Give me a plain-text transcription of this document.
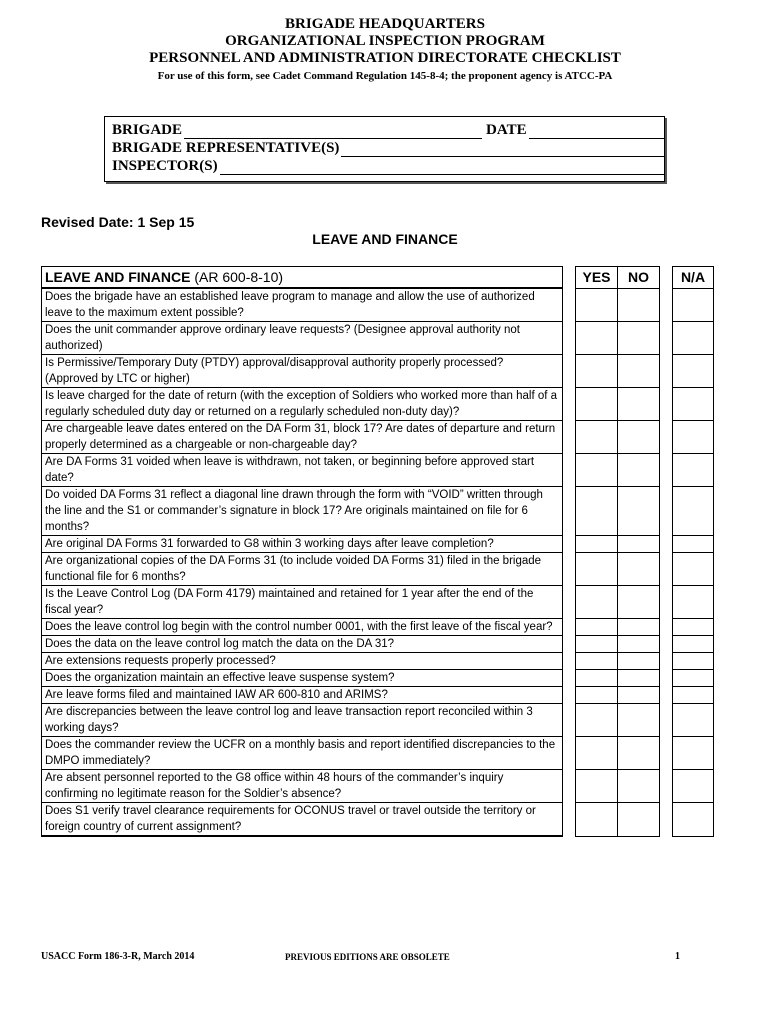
BRIGADE HEADQUARTERS
ORGANIZATIONAL INSPECTION PROGRAM
PERSONNEL AND ADMINISTRATION DIRECTORATE CHECKLIST
For use of this form, see Cadet Command Regulation 145-8-4; the proponent agency is ATCC-PA
BRIGADE	DATE
BRIGADE REPRESENTATIVE(S)
INSPECTOR(S)
Revised Date: 1 Sep 15
LEAVE AND FINANCE
LEAVE AND FINANCE (AR 600-8-10)		YES	NO		N/A
Does the brigade have an established leave program to manage and allow the use of authorized leave to the maximum extent possible?					
Does the unit commander approve ordinary leave requests? (Designee approval authority not authorized)					
Is Permissive/Temporary Duty (PTDY) approval/disapproval authority properly processed? (Approved by LTC or higher)					
Is leave charged for the date of return (with the exception of Soldiers who worked more than half of a regularly scheduled duty day or returned on a regularly scheduled non-duty day)?					
Are chargeable leave dates entered on the DA Form 31, block 17? Are dates of departure and return properly determined as a chargeable or non-chargeable day?					
Are DA Forms 31 voided when leave is withdrawn, not taken, or beginning before approved start date?					
Do voided DA Forms 31 reflect a diagonal line drawn through the form with “VOID” written through the line and the S1 or commander’s signature in block 17? Are originals maintained on file for 6 months?					
Are original DA Forms 31 forwarded to G8 within 3 working days after leave completion?					
Are organizational copies of the DA Forms 31 (to include voided DA Forms 31) filed in the brigade functional file for 6 months?					
Is the Leave Control Log (DA Form 4179) maintained and retained for 1 year after the end of the fiscal year?					
Does the leave control log begin with the control number 0001, with the first leave of the fiscal year?					
Does the data on the leave control log match the data on the DA 31?					
Are extensions requests properly processed?					
Does the organization maintain an effective leave suspense system?					
Are leave forms filed and maintained IAW AR 600-810 and ARIMS?					
Are discrepancies between the leave control log and leave transaction report reconciled within 3 working days?					
Does the commander review the UCFR on a monthly basis and report identified discrepancies to the DMPO immediately?					
Are absent personnel reported to the G8 office within 48 hours of the commander’s inquiry confirming no legitimate reason for the Soldier’s absence?					
Does S1 verify travel clearance requirements for OCONUS travel or travel outside the territory or foreign country of current assignment?					
USACC Form 186-3-R, March 2014	PREVIOUS EDITIONS ARE OBSOLETE	1
